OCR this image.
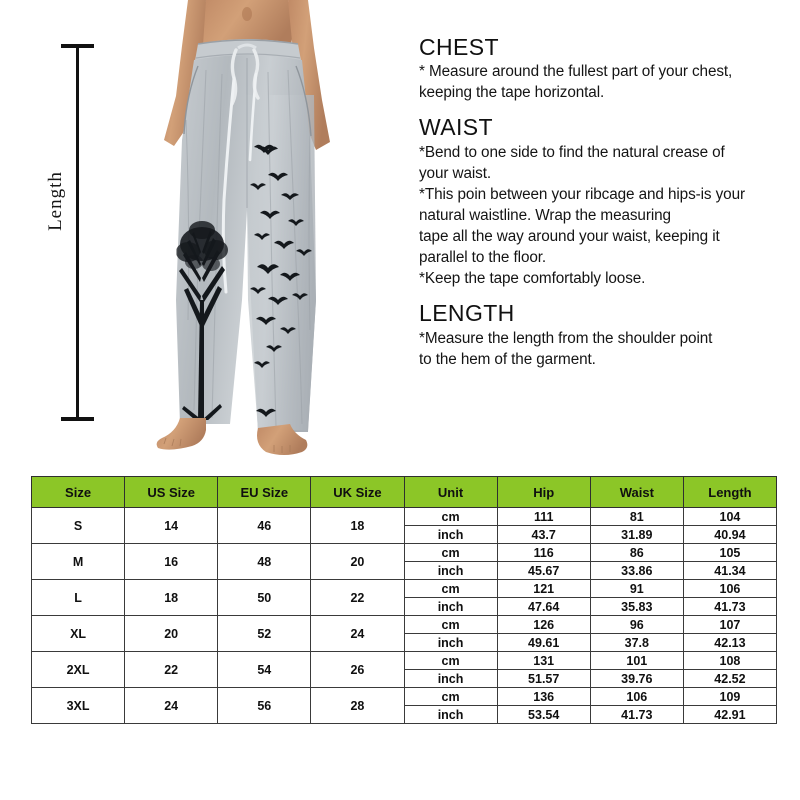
Length
CHEST

* Measure around the fullest part of your chest,

keeping the tape horizontal.

WAIST

*Bend to one side to find the natural crease of

your waist.

*This poin between your ribcage and hips-is your

natural waistline. Wrap the measuring

tape all the way around your waist, keeping it

parallel to the floor.

*Keep the tape comfortably loose.

LENGTH

*Measure the length from the shoulder point

to the hem of the garment.

Size	US Size	EU Size	UK Size	Unit	Hip	Waist	Length
S	14	46	18	cm	111	81	104
				inch	43.7	31.89	40.94
M	16	48	20	cm	116	86	105
				inch	45.67	33.86	41.34
L	18	50	22	cm	121	91	106
				inch	47.64	35.83	41.73
XL	20	52	24	cm	126	96	107
				inch	49.61	37.8	42.13
2XL	22	54	26	cm	131	101	108
				inch	51.57	39.76	42.52
3XL	24	56	28	cm	136	106	109
				inch	53.54	41.73	42.91
